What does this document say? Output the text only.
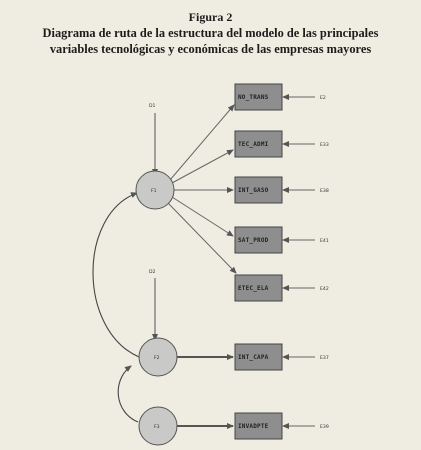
Figura 2
Diagrama de ruta de la estructura del modelo de las principales
variables tecnológicas y económicas de las empresas mayores
F1
F2
F3
D1
D2
NO_TRANS
TEC_ADMI
INT_GASO
SAT_PROD
ETEC_ELA
INT_CAPA
INVADPTE
E2
E33
E38
E41
E42
E37
E39
